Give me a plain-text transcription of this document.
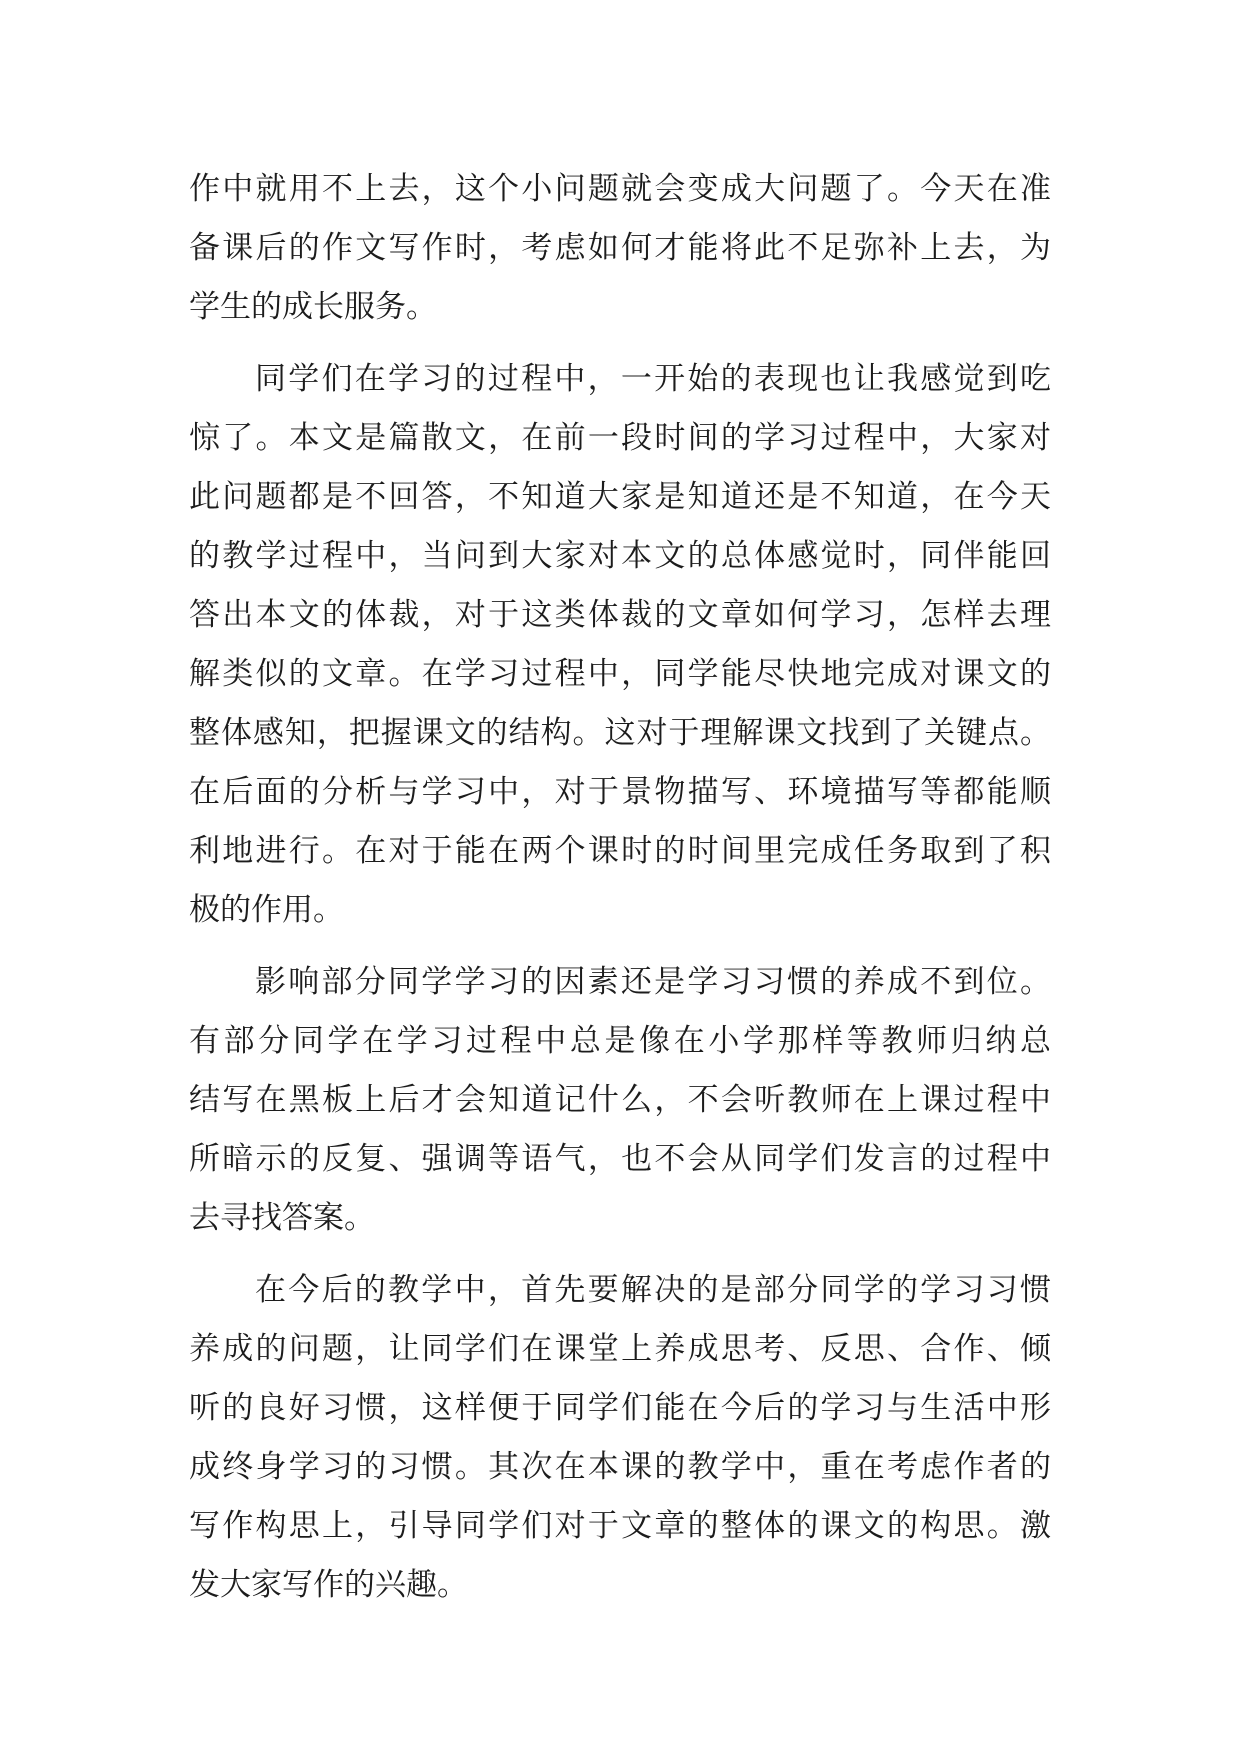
作中就用不上去，这个小问题就会变成大问题了。今天在准
备课后的作文写作时，考虑如何才能将此不足弥补上去，为
学生的成长服务。
同学们在学习的过程中，一开始的表现也让我感觉到吃
惊了。本文是篇散文，在前一段时间的学习过程中，大家对
此问题都是不回答，不知道大家是知道还是不知道，在今天
的教学过程中，当问到大家对本文的总体感觉时，同伴能回
答出本文的体裁，对于这类体裁的文章如何学习，怎样去理
解类似的文章。在学习过程中，同学能尽快地完成对课文的
整体感知，把握课文的结构。这对于理解课文找到了关键点。
在后面的分析与学习中，对于景物描写、环境描写等都能顺
利地进行。在对于能在两个课时的时间里完成任务取到了积
极的作用。
影响部分同学学习的因素还是学习习惯的养成不到位。
有部分同学在学习过程中总是像在小学那样等教师归纳总
结写在黑板上后才会知道记什么，不会听教师在上课过程中
所暗示的反复、强调等语气，也不会从同学们发言的过程中
去寻找答案。
在今后的教学中，首先要解决的是部分同学的学习习惯
养成的问题，让同学们在课堂上养成思考、反思、合作、倾
听的良好习惯，这样便于同学们能在今后的学习与生活中形
成终身学习的习惯。其次在本课的教学中，重在考虑作者的
写作构思上，引导同学们对于文章的整体的课文的构思。激
发大家写作的兴趣。
